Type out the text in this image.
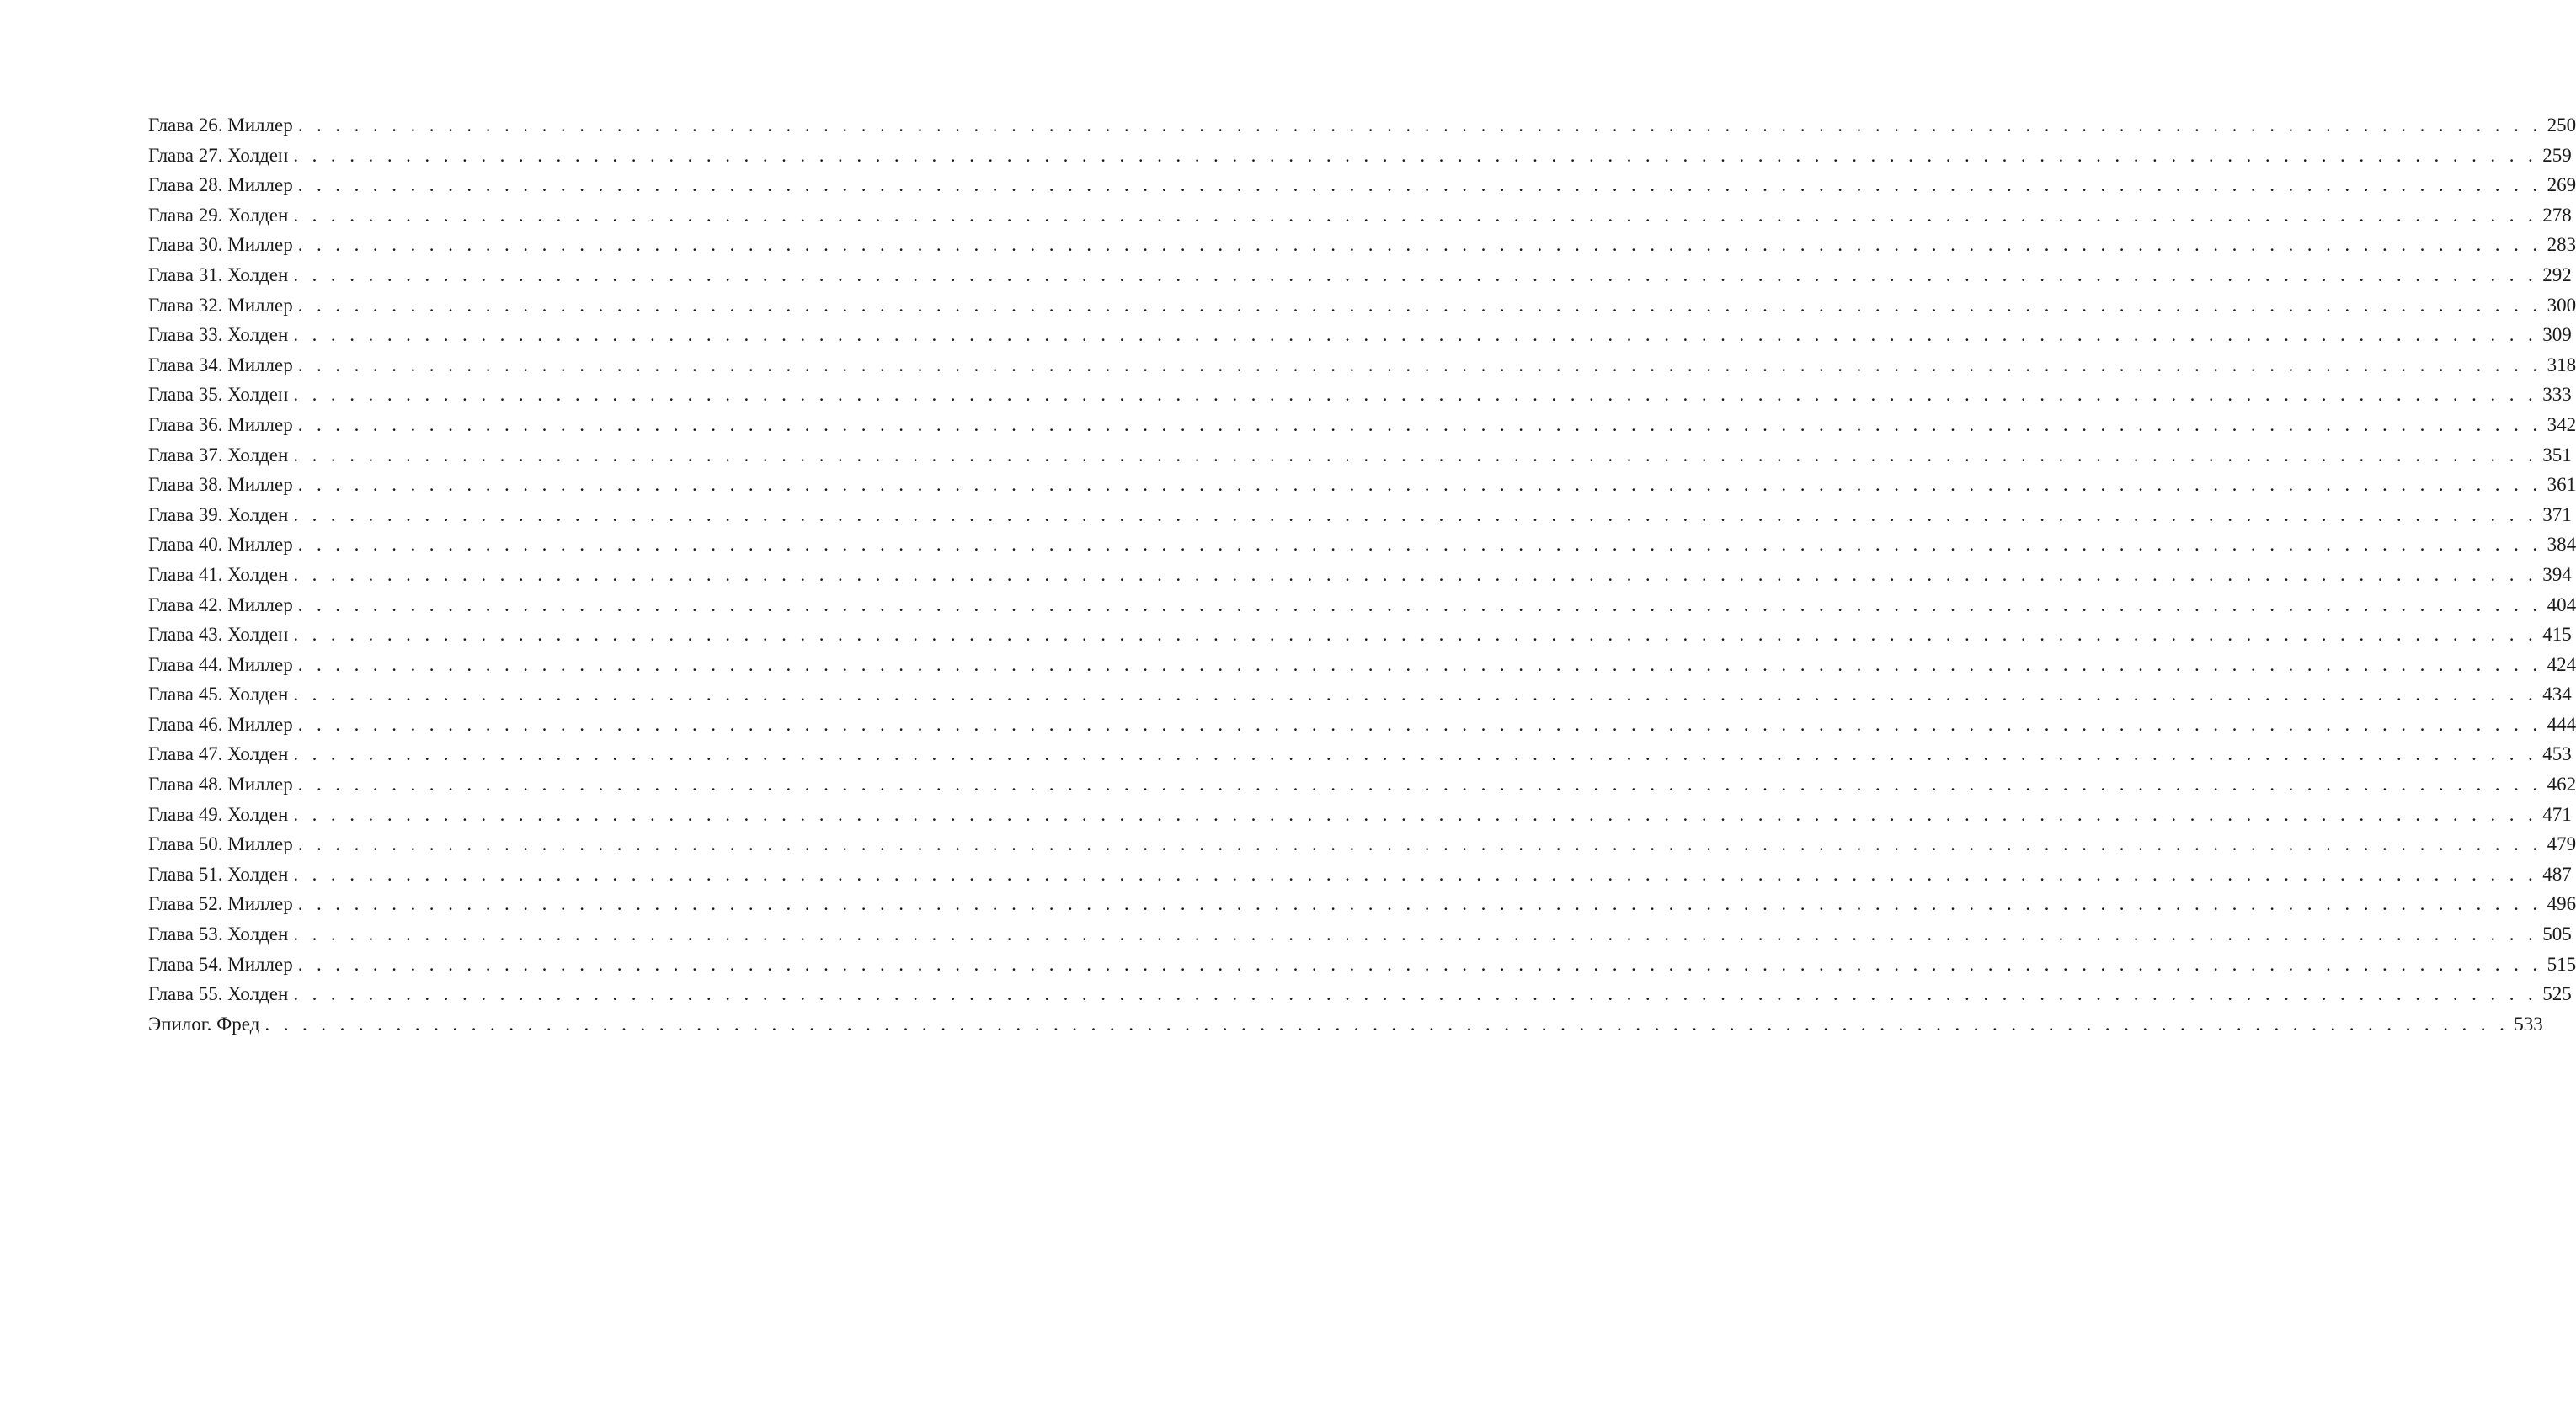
Глава 26. Миллер . . . . . . . . . . . . . . . . . . . . . . . . . . . . . . . . . . . . . . . . . . . . . . . . . . . . . . . . . . . . . . . . . . . . . . . . . . . . . . . . . . . . . . . . . . . . . . . . . . . . . . . . . . . . . . . . . . . . . . . . 250
Глава 27. Холден . . . . . . . . . . . . . . . . . . . . . . . . . . . . . . . . . . . . . . . . . . . . . . . . . . . . . . . . . . . . . . . . . . . . . . . . . . . . . . . . . . . . . . . . . . . . . . . . . . . . . . . . . . . . . . . . . . . . . . . . 259
Глава 28. Миллер . . . . . . . . . . . . . . . . . . . . . . . . . . . . . . . . . . . . . . . . . . . . . . . . . . . . . . . . . . . . . . . . . . . . . . . . . . . . . . . . . . . . . . . . . . . . . . . . . . . . . . . . . . . . . . . . . . . . . . . . 269
Глава 29. Холден . . . . . . . . . . . . . . . . . . . . . . . . . . . . . . . . . . . . . . . . . . . . . . . . . . . . . . . . . . . . . . . . . . . . . . . . . . . . . . . . . . . . . . . . . . . . . . . . . . . . . . . . . . . . . . . . . . . . . . . . 278
Глава 30. Миллер . . . . . . . . . . . . . . . . . . . . . . . . . . . . . . . . . . . . . . . . . . . . . . . . . . . . . . . . . . . . . . . . . . . . . . . . . . . . . . . . . . . . . . . . . . . . . . . . . . . . . . . . . . . . . . . . . . . . . . . . 283
Глава 31. Холден . . . . . . . . . . . . . . . . . . . . . . . . . . . . . . . . . . . . . . . . . . . . . . . . . . . . . . . . . . . . . . . . . . . . . . . . . . . . . . . . . . . . . . . . . . . . . . . . . . . . . . . . . . . . . . . . . . . . . . . . 292
Глава 32. Миллер . . . . . . . . . . . . . . . . . . . . . . . . . . . . . . . . . . . . . . . . . . . . . . . . . . . . . . . . . . . . . . . . . . . . . . . . . . . . . . . . . . . . . . . . . . . . . . . . . . . . . . . . . . . . . . . . . . . . . . . . 300
Глава 33. Холден . . . . . . . . . . . . . . . . . . . . . . . . . . . . . . . . . . . . . . . . . . . . . . . . . . . . . . . . . . . . . . . . . . . . . . . . . . . . . . . . . . . . . . . . . . . . . . . . . . . . . . . . . . . . . . . . . . . . . . . . 309
Глава 34. Миллер . . . . . . . . . . . . . . . . . . . . . . . . . . . . . . . . . . . . . . . . . . . . . . . . . . . . . . . . . . . . . . . . . . . . . . . . . . . . . . . . . . . . . . . . . . . . . . . . . . . . . . . . . . . . . . . . . . . . . . . . 318
Глава 35. Холден . . . . . . . . . . . . . . . . . . . . . . . . . . . . . . . . . . . . . . . . . . . . . . . . . . . . . . . . . . . . . . . . . . . . . . . . . . . . . . . . . . . . . . . . . . . . . . . . . . . . . . . . . . . . . . . . . . . . . . . . 333
Глава 36. Миллер . . . . . . . . . . . . . . . . . . . . . . . . . . . . . . . . . . . . . . . . . . . . . . . . . . . . . . . . . . . . . . . . . . . . . . . . . . . . . . . . . . . . . . . . . . . . . . . . . . . . . . . . . . . . . . . . . . . . . . . . 342
Глава 37. Холден . . . . . . . . . . . . . . . . . . . . . . . . . . . . . . . . . . . . . . . . . . . . . . . . . . . . . . . . . . . . . . . . . . . . . . . . . . . . . . . . . . . . . . . . . . . . . . . . . . . . . . . . . . . . . . . . . . . . . . . . 351
Глава 38. Миллер . . . . . . . . . . . . . . . . . . . . . . . . . . . . . . . . . . . . . . . . . . . . . . . . . . . . . . . . . . . . . . . . . . . . . . . . . . . . . . . . . . . . . . . . . . . . . . . . . . . . . . . . . . . . . . . . . . . . . . . . 361
Глава 39. Холден . . . . . . . . . . . . . . . . . . . . . . . . . . . . . . . . . . . . . . . . . . . . . . . . . . . . . . . . . . . . . . . . . . . . . . . . . . . . . . . . . . . . . . . . . . . . . . . . . . . . . . . . . . . . . . . . . . . . . . . . 371
Глава 40. Миллер . . . . . . . . . . . . . . . . . . . . . . . . . . . . . . . . . . . . . . . . . . . . . . . . . . . . . . . . . . . . . . . . . . . . . . . . . . . . . . . . . . . . . . . . . . . . . . . . . . . . . . . . . . . . . . . . . . . . . . . . 384
Глава 41. Холден . . . . . . . . . . . . . . . . . . . . . . . . . . . . . . . . . . . . . . . . . . . . . . . . . . . . . . . . . . . . . . . . . . . . . . . . . . . . . . . . . . . . . . . . . . . . . . . . . . . . . . . . . . . . . . . . . . . . . . . . 394
Глава 42. Миллер . . . . . . . . . . . . . . . . . . . . . . . . . . . . . . . . . . . . . . . . . . . . . . . . . . . . . . . . . . . . . . . . . . . . . . . . . . . . . . . . . . . . . . . . . . . . . . . . . . . . . . . . . . . . . . . . . . . . . . . . 404
Глава 43. Холден . . . . . . . . . . . . . . . . . . . . . . . . . . . . . . . . . . . . . . . . . . . . . . . . . . . . . . . . . . . . . . . . . . . . . . . . . . . . . . . . . . . . . . . . . . . . . . . . . . . . . . . . . . . . . . . . . . . . . . . . 415
Глава 44. Миллер . . . . . . . . . . . . . . . . . . . . . . . . . . . . . . . . . . . . . . . . . . . . . . . . . . . . . . . . . . . . . . . . . . . . . . . . . . . . . . . . . . . . . . . . . . . . . . . . . . . . . . . . . . . . . . . . . . . . . . . . 424
Глава 45. Холден . . . . . . . . . . . . . . . . . . . . . . . . . . . . . . . . . . . . . . . . . . . . . . . . . . . . . . . . . . . . . . . . . . . . . . . . . . . . . . . . . . . . . . . . . . . . . . . . . . . . . . . . . . . . . . . . . . . . . . . . 434
Глава 46. Миллер . . . . . . . . . . . . . . . . . . . . . . . . . . . . . . . . . . . . . . . . . . . . . . . . . . . . . . . . . . . . . . . . . . . . . . . . . . . . . . . . . . . . . . . . . . . . . . . . . . . . . . . . . . . . . . . . . . . . . . . . 444
Глава 47. Холден . . . . . . . . . . . . . . . . . . . . . . . . . . . . . . . . . . . . . . . . . . . . . . . . . . . . . . . . . . . . . . . . . . . . . . . . . . . . . . . . . . . . . . . . . . . . . . . . . . . . . . . . . . . . . . . . . . . . . . . . 453
Глава 48. Миллер . . . . . . . . . . . . . . . . . . . . . . . . . . . . . . . . . . . . . . . . . . . . . . . . . . . . . . . . . . . . . . . . . . . . . . . . . . . . . . . . . . . . . . . . . . . . . . . . . . . . . . . . . . . . . . . . . . . . . . . . 462
Глава 49. Холден . . . . . . . . . . . . . . . . . . . . . . . . . . . . . . . . . . . . . . . . . . . . . . . . . . . . . . . . . . . . . . . . . . . . . . . . . . . . . . . . . . . . . . . . . . . . . . . . . . . . . . . . . . . . . . . . . . . . . . . . 471
Глава 50. Миллер . . . . . . . . . . . . . . . . . . . . . . . . . . . . . . . . . . . . . . . . . . . . . . . . . . . . . . . . . . . . . . . . . . . . . . . . . . . . . . . . . . . . . . . . . . . . . . . . . . . . . . . . . . . . . . . . . . . . . . . . 479
Глава 51. Холден . . . . . . . . . . . . . . . . . . . . . . . . . . . . . . . . . . . . . . . . . . . . . . . . . . . . . . . . . . . . . . . . . . . . . . . . . . . . . . . . . . . . . . . . . . . . . . . . . . . . . . . . . . . . . . . . . . . . . . . . 487
Глава 52. Миллер . . . . . . . . . . . . . . . . . . . . . . . . . . . . . . . . . . . . . . . . . . . . . . . . . . . . . . . . . . . . . . . . . . . . . . . . . . . . . . . . . . . . . . . . . . . . . . . . . . . . . . . . . . . . . . . . . . . . . . . . 496
Глава 53. Холден . . . . . . . . . . . . . . . . . . . . . . . . . . . . . . . . . . . . . . . . . . . . . . . . . . . . . . . . . . . . . . . . . . . . . . . . . . . . . . . . . . . . . . . . . . . . . . . . . . . . . . . . . . . . . . . . . . . . . . . . 505
Глава 54. Миллер . . . . . . . . . . . . . . . . . . . . . . . . . . . . . . . . . . . . . . . . . . . . . . . . . . . . . . . . . . . . . . . . . . . . . . . . . . . . . . . . . . . . . . . . . . . . . . . . . . . . . . . . . . . . . . . . . . . . . . . . 515
Глава 55. Холден . . . . . . . . . . . . . . . . . . . . . . . . . . . . . . . . . . . . . . . . . . . . . . . . . . . . . . . . . . . . . . . . . . . . . . . . . . . . . . . . . . . . . . . . . . . . . . . . . . . . . . . . . . . . . . . . . . . . . . . . 525
Эпилог. Фред . . . . . . . . . . . . . . . . . . . . . . . . . . . . . . . . . . . . . . . . . . . . . . . . . . . . . . . . . . . . . . . . . . . . . . . . . . . . . . . . . . . . . . . . . . . . . . . . . . . . . . . . . . . . . . . . . . . . . . . . 533
